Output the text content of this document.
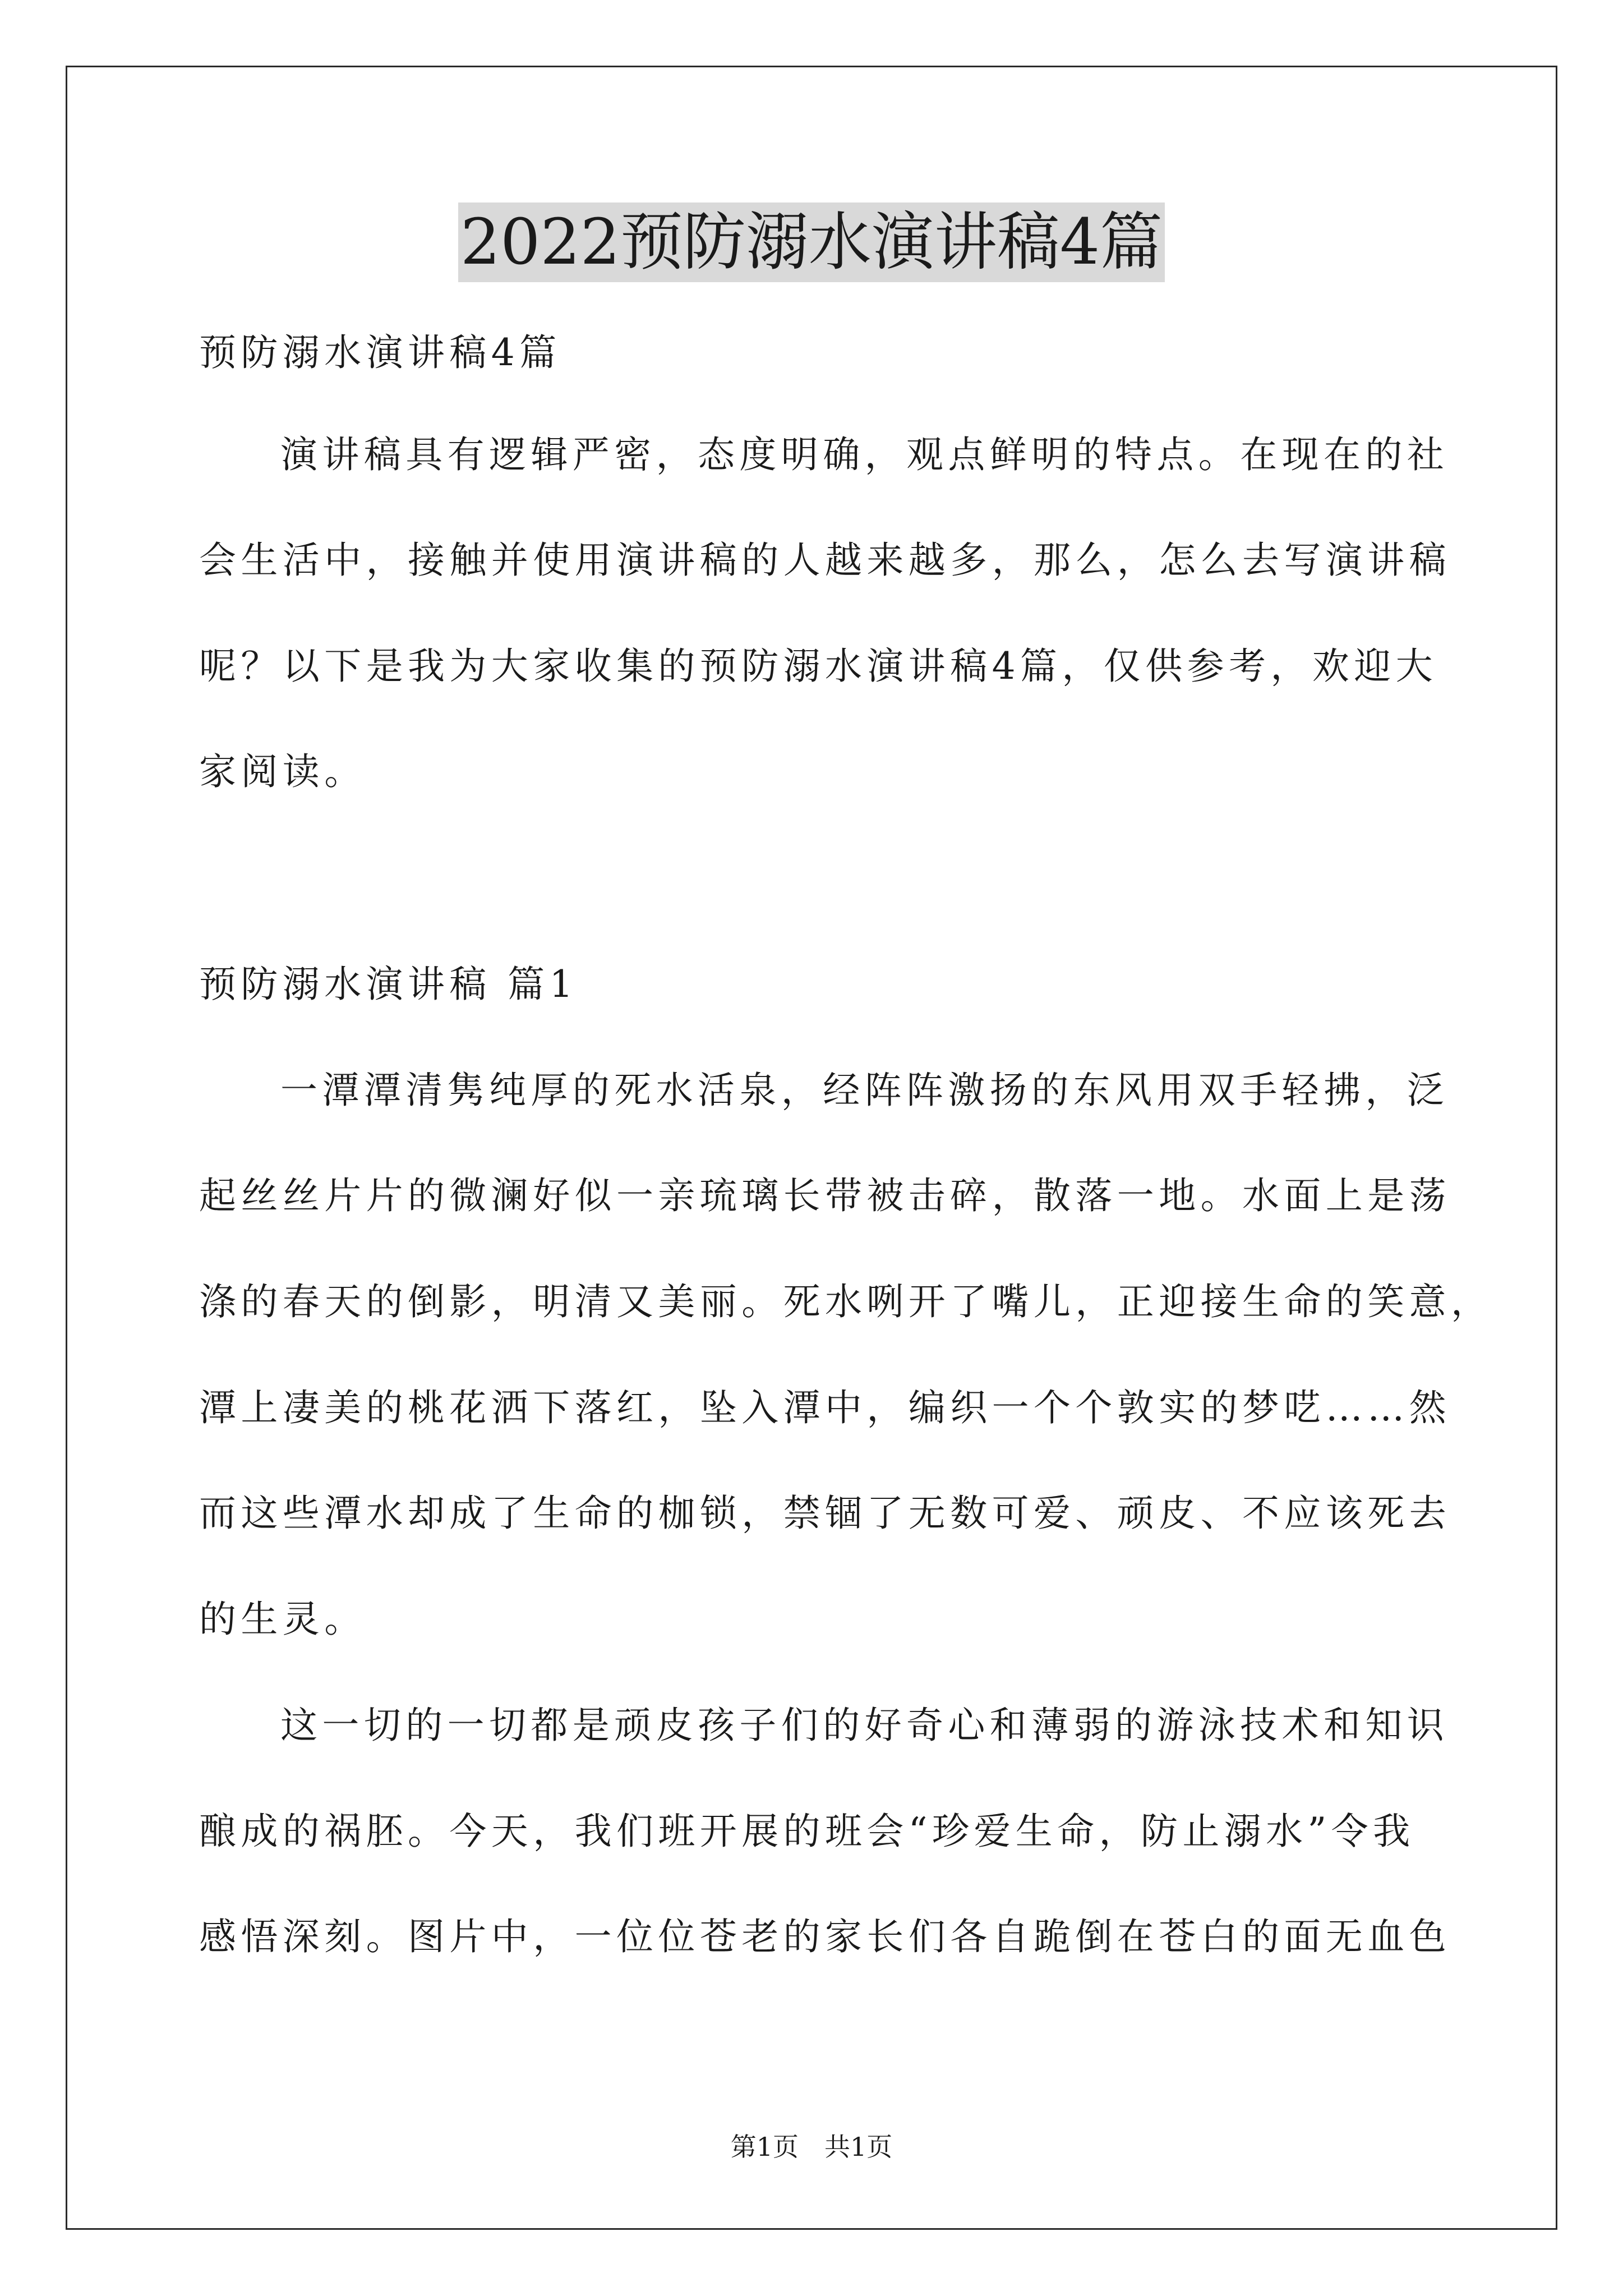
2022预防溺水演讲稿4篇
预防溺水演讲稿4篇
演讲稿具有逻辑严密，态度明确，观点鲜明的特点。在现在的社
会生活中，接触并使用演讲稿的人越来越多，那么，怎么去写演讲稿
呢？以下是我为大家收集的预防溺水演讲稿4篇，仅供参考，欢迎大
家阅读。
预防溺水演讲稿 篇1
一潭潭清隽纯厚的死水活泉，经阵阵激扬的东风用双手轻拂，泛
起丝丝片片的微澜好似一亲琉璃长带被击碎，散落一地。水面上是荡
涤的春天的倒影，明清又美丽。死水咧开了嘴儿，正迎接生命的笑意，
潭上凄美的桃花洒下落红，坠入潭中，编织一个个敦实的梦呓……然
而这些潭水却成了生命的枷锁，禁锢了无数可爱、顽皮、不应该死去
的生灵。
这一切的一切都是顽皮孩子们的好奇心和薄弱的游泳技术和知识
酿成的祸胚。今天，我们班开展的班会“珍爱生命，防止溺水”令我
感悟深刻。图片中，一位位苍老的家长们各自跪倒在苍白的面无血色
第1页　共1页
